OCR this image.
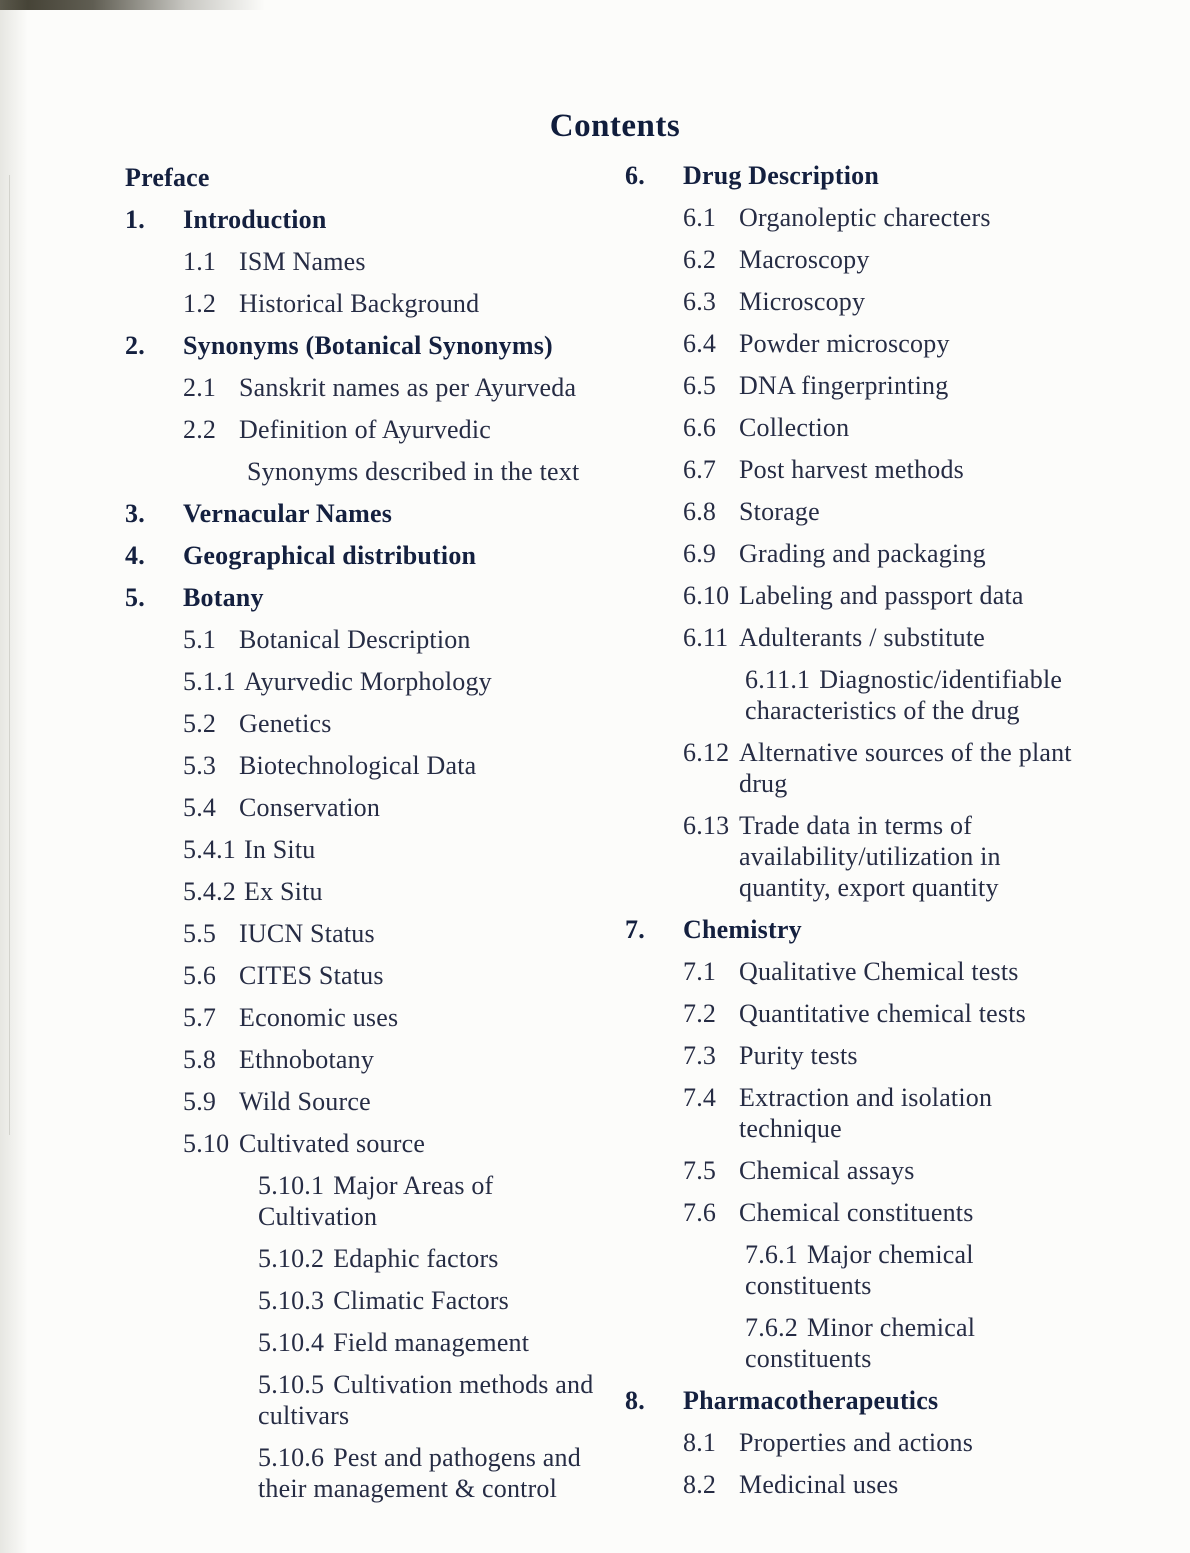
Contents
Preface
1.	Introduction
1.1 ISM Names
1.2 Historical Background
2.	Synonyms (Botanical Synonyms)
2.1 Sanskrit names as per Ayurveda
2.2 Definition of Ayurvedic
Synonyms described in the text
3.	Vernacular Names
4.	Geographical distribution
5.	Botany
5.1 Botanical Description
5.1.1 Ayurvedic Morphology
5.2 Genetics
5.3 Biotechnological Data
5.4 Conservation
5.4.1 In Situ
5.4.2 Ex Situ
5.5 IUCN Status
5.6 CITES Status
5.7 Economic uses
5.8 Ethnobotany
5.9 Wild Source
5.10 Cultivated source
5.10.1 Major Areas of
Cultivation
5.10.2 Edaphic factors
5.10.3 Climatic Factors
5.10.4 Field management
5.10.5 Cultivation methods and
cultivars
5.10.6 Pest and pathogens and
their management & control
6.	Drug Description
6.1 Organoleptic charecters
6.2 Macroscopy
6.3 Microscopy
6.4 Powder microscopy
6.5 DNA fingerprinting
6.6 Collection
6.7 Post harvest methods
6.8 Storage
6.9 Grading and packaging
6.10 Labeling and passport data
6.11 Adulterants / substitute
6.11.1 Diagnostic/identifiable
characteristics of the drug
6.12 Alternative sources of the plant
drug
6.13 Trade data in terms of
availability/utilization in
quantity, export quantity
7.	Chemistry
7.1 Qualitative Chemical tests
7.2 Quantitative chemical tests
7.3 Purity tests
7.4 Extraction and isolation
technique
7.5 Chemical assays
7.6 Chemical constituents
7.6.1 Major chemical
constituents
7.6.2 Minor chemical
constituents
8.	Pharmacotherapeutics
8.1 Properties and actions
8.2 Medicinal uses
